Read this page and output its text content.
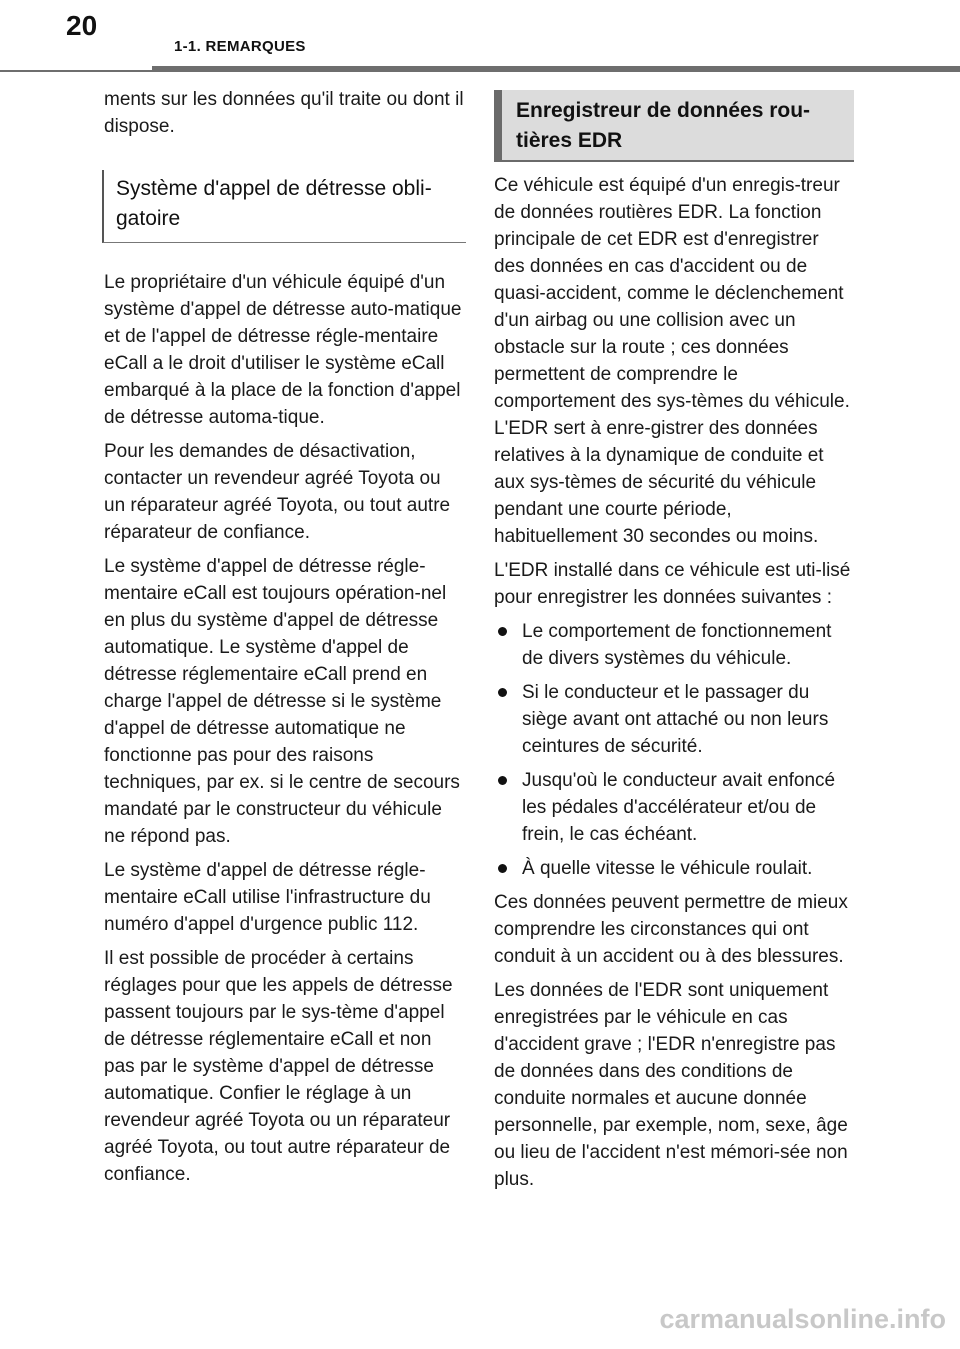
20
1-1. REMARQUES

ments sur les données qu'il traite ou dont il dispose.

Système d'appel de détresse obli-gatoire

Le propriétaire d'un véhicule équipé d'un système d'appel de détresse auto-matique et de l'appel de détresse régle-mentaire eCall a le droit d'utiliser le système eCall embarqué à la place de la fonction d'appel de détresse automa-tique.

Pour les demandes de désactivation, contacter un revendeur agréé Toyota ou un réparateur agréé Toyota, ou tout autre réparateur de confiance.

Le système d'appel de détresse régle-mentaire eCall est toujours opération-nel en plus du système d'appel de détresse automatique. Le système d'appel de détresse réglementaire eCall prend en charge l'appel de détresse si le système d'appel de détresse automatique ne fonctionne pas pour des raisons techniques, par ex. si le centre de secours mandaté par le constructeur du véhicule ne répond pas.

Le système d'appel de détresse régle-mentaire eCall utilise l'infrastructure du numéro d'appel d'urgence public 112.

Il est possible de procéder à certains réglages pour que les appels de détresse passent toujours par le sys-tème d'appel de détresse réglementaire eCall et non pas par le système d'appel de détresse automatique. Confier le réglage à un revendeur agréé Toyota ou un réparateur agréé Toyota, ou tout autre réparateur de confiance.

Enregistreur de données rou-tières EDR

Ce véhicule est équipé d'un enregis-treur de données routières EDR. La fonction principale de cet EDR est d'enregistrer des données en cas d'accident ou de quasi-accident, comme le déclenchement d'un airbag ou une collision avec un obstacle sur la route ; ces données permettent de comprendre le comportement des sys-tèmes du véhicule. L'EDR sert à enre-gistrer des données relatives à la dynamique de conduite et aux sys-tèmes de sécurité du véhicule pendant une courte période, habituellement 30 secondes ou moins.

L'EDR installé dans ce véhicule est uti-lisé pour enregistrer les données suivantes :

Le comportement de fonctionnement de divers systèmes du véhicule.
Si le conducteur et le passager du siège avant ont attaché ou non leurs ceintures de sécurité.
Jusqu'où le conducteur avait enfoncé les pédales d'accélérateur et/ou de frein, le cas échéant.
À quelle vitesse le véhicule roulait.

Ces données peuvent permettre de mieux comprendre les circonstances qui ont conduit à un accident ou à des blessures.

Les données de l'EDR sont uniquement enregistrées par le véhicule en cas d'accident grave ; l'EDR n'enregistre pas de données dans des conditions de conduite normales et aucune donnée personnelle, par exemple, nom, sexe, âge ou lieu de l'accident n'est mémori-sée non plus.

carmanualsonline.info
